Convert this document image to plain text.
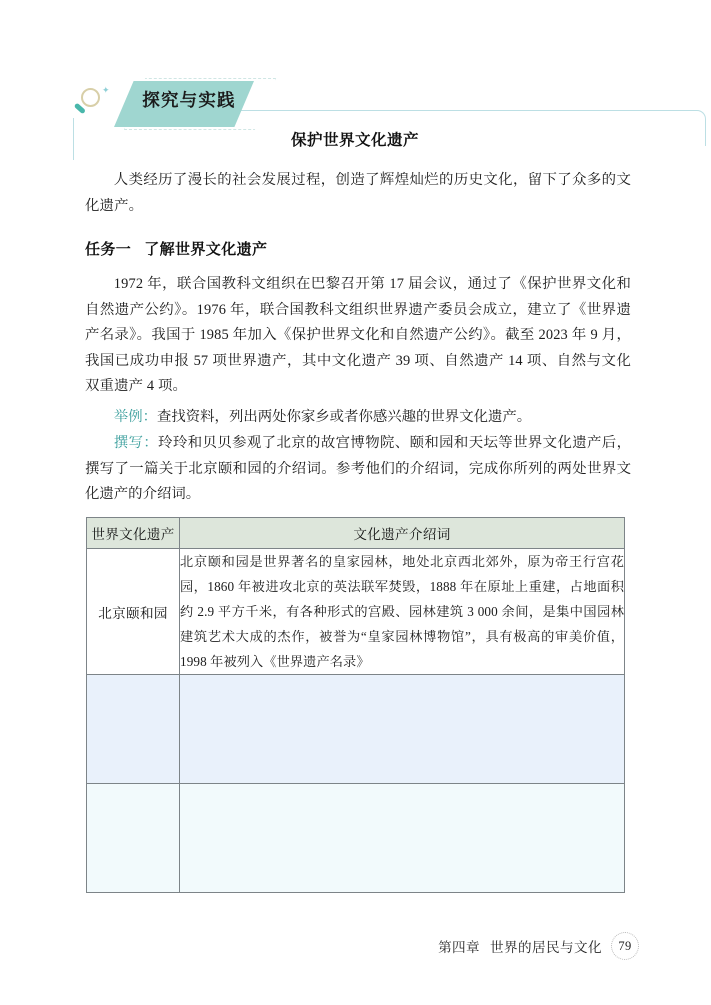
✦
探究与实践
保护世界文化遗产
人类经历了漫长的社会发展过程，创造了辉煌灿烂的历史文化，留下了众多的文化遗产。
任务一 了解世界文化遗产
1972 年，联合国教科文组织在巴黎召开第 17 届会议，通过了《保护世界文化和自然遗产公约》。1976 年，联合国教科文组织世界遗产委员会成立，建立了《世界遗产名录》。我国于 1985 年加入《保护世界文化和自然遗产公约》。截至 2023 年 9 月，我国已成功申报 57 项世界遗产，其中文化遗产 39 项、自然遗产 14 项、自然与文化双重遗产 4 项。
举例：查找资料，列出两处你家乡或者你感兴趣的世界文化遗产。
撰写：玲玲和贝贝参观了北京的故宫博物院、颐和园和天坛等世界文化遗产后，撰写了一篇关于北京颐和园的介绍词。参考他们的介绍词，完成你所列的两处世界文化遗产的介绍词。
世界文化遗产	文化遗产介绍词
北京颐和园	北京颐和园是世界著名的皇家园林，地处北京西北郊外，原为帝王行宫花园，1860 年被进攻北京的英法联军焚毁，1888 年在原址上重建，占地面积约 2.9 平方千米，有各种形式的宫殿、园林建筑 3 000 余间，是集中国园林建筑艺术大成的杰作，被誉为“皇家园林博物馆”，具有极高的审美价值，1998 年被列入《世界遗产名录》

第四章 世界的居民与文化	79
